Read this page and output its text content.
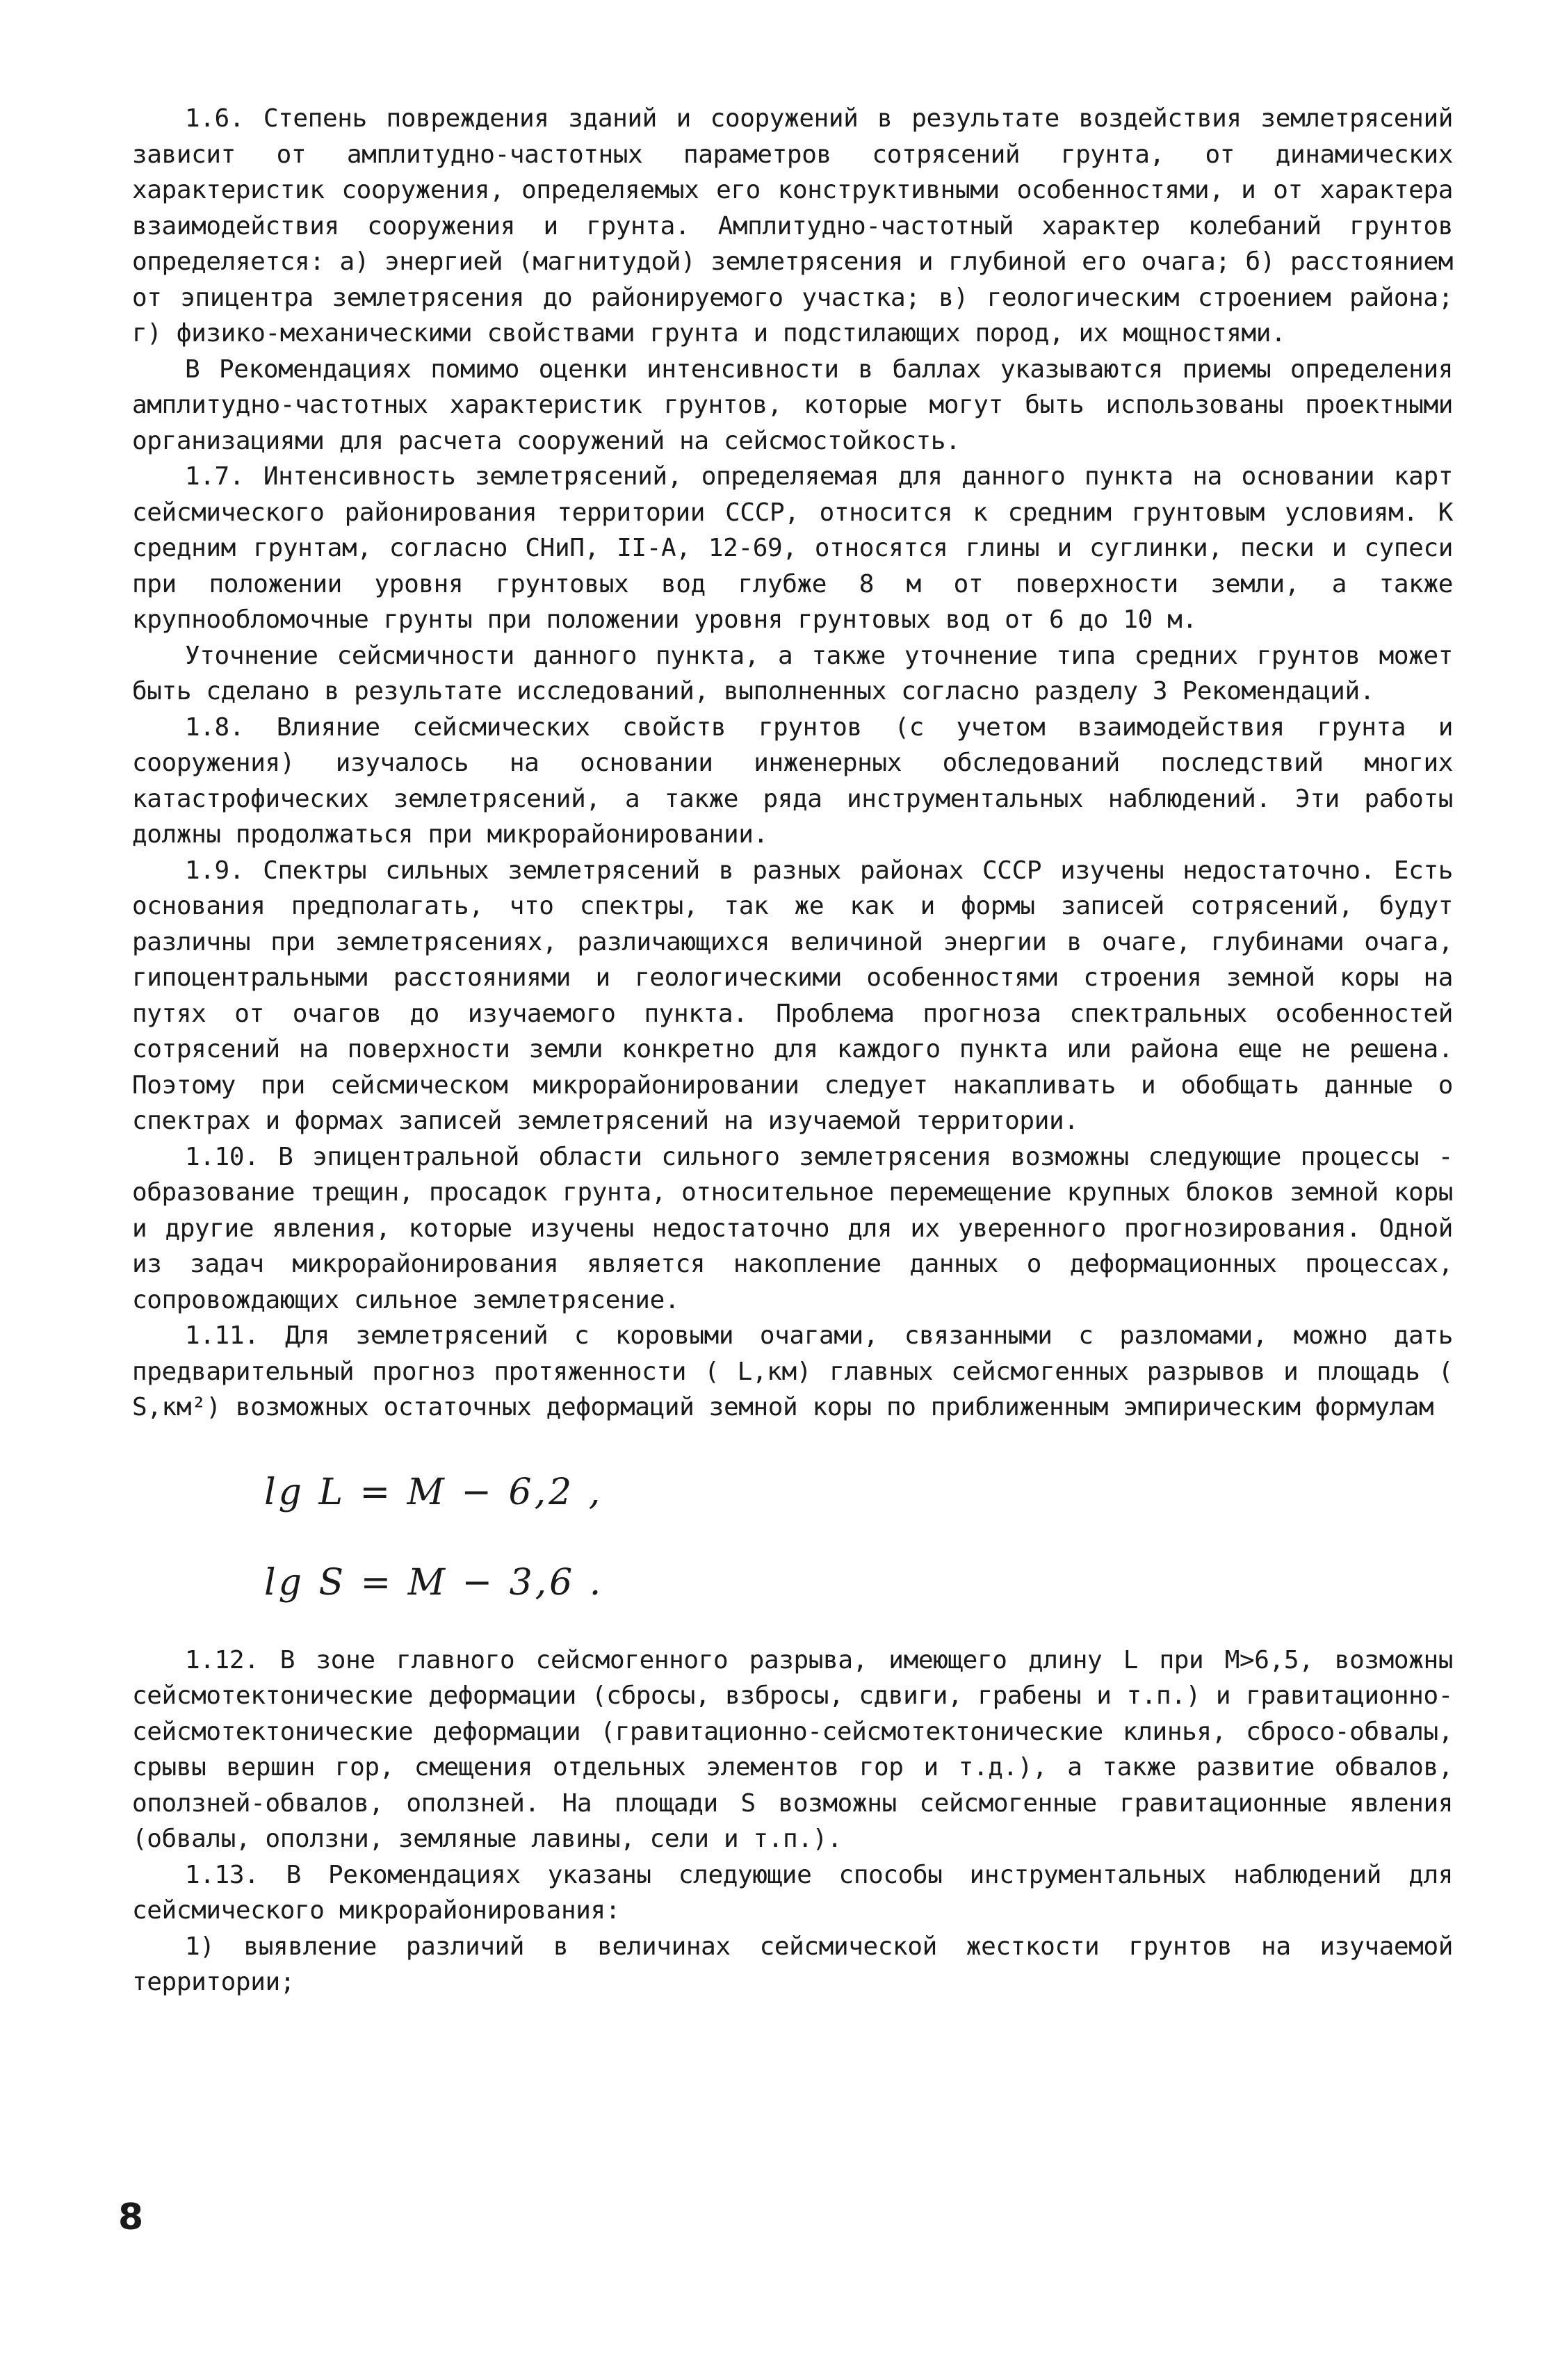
1.6. Степень повреждения зданий и сооружений в результате воздействия землетрясений зависит от амплитудно-частотных параметров сотрясений грунта, от динамических характеристик сооружения, определяемых его конструктивными особенностями, и от характера взаимодействия сооружения и грунта. Амплитудно-частотный характер колебаний грунтов определяется: а) энергией (магнитудой) землетрясения и глубиной его очага; б) расстоянием от эпицентра землетрясения до районируемого участка; в) геологическим строением района; г) физико-механическими свойствами грунта и подстилающих пород, их мощностями.

В Рекомендациях помимо оценки интенсивности в баллах указываются приемы определения амплитудно-частотных характеристик грунтов, которые могут быть использованы проектными организациями для расчета сооружений на сейсмостойкость.

1.7. Интенсивность землетрясений, определяемая для данного пункта на основании карт сейсмического районирования территории СССР, относится к средним грунтовым условиям. К средним грунтам, согласно СНиП, II-А, 12-69, относятся глины и суглинки, пески и супеси при положении уровня грунтовых вод глубже 8 м от поверхности земли, а также крупнообломочные грунты при положении уровня грунтовых вод от 6 до 10 м.

Уточнение сейсмичности данного пункта, а также уточнение типа средних грунтов может быть сделано в результате исследований, выполненных согласно разделу 3 Рекомендаций.

1.8. Влияние сейсмических свойств грунтов (с учетом взаимодействия грунта и сооружения) изучалось на основании инженерных обследований последствий многих катастрофических землетрясений, а также ряда инструментальных наблюдений. Эти работы должны продолжаться при микрорайонировании.

1.9. Спектры сильных землетрясений в разных районах СССР изучены недостаточно. Есть основания предполагать, что спектры, так же как и формы записей сотрясений, будут различны при землетрясениях, различающихся величиной энергии в очаге, глубинами очага, гипоцентральными расстояниями и геологическими особенностями строения земной коры на путях от очагов до изучаемого пункта. Проблема прогноза спектральных особенностей сотрясений на поверхности земли конкретно для каждого пункта или района еще не решена. Поэтому при сейсмическом микрорайонировании следует накапливать и обобщать данные о спектрах и формах записей землетрясений на изучаемой территории.

1.10. В эпицентральной области сильного землетрясения возможны следующие процессы - образование трещин, просадок грунта, относительное перемещение крупных блоков земной коры и другие явления, которые изучены недостаточно для их уверенного прогнозирования. Одной из задач микрорайонирования является накопление данных о деформационных процессах, сопровождающих сильное землетрясение.

1.11. Для землетрясений с коровыми очагами, связанными с разломами, можно дать предварительный прогноз протяженности ( L,км) главных сейсмогенных разрывов и площадь ( S,км²) возможных остаточных деформаций земной коры по приближенным эмпирическим формулам

lg L = M − 6,2 ,
lg S = M − 3,6 .

1.12. В зоне главного сейсмогенного разрыва, имеющего длину L при M>6,5, возможны сейсмотектонические деформации (сбросы, взбросы, сдвиги, грабены и т.п.) и гравитационно-сейсмотектонические деформации (гравитационно-сейсмотектонические клинья, сбросо-обвалы, срывы вершин гор, смещения отдельных элементов гор и т.д.), а также развитие обвалов, оползней-обвалов, оползней. На площади S возможны сейсмогенные гравитационные явления (обвалы, оползни, земляные лавины, сели и т.п.).

1.13. В Рекомендациях указаны следующие способы инструментальных наблюдений для сейсмического микрорайонирования:

1) выявление различий в величинах сейсмической жесткости грунтов на изучаемой территории;

8
